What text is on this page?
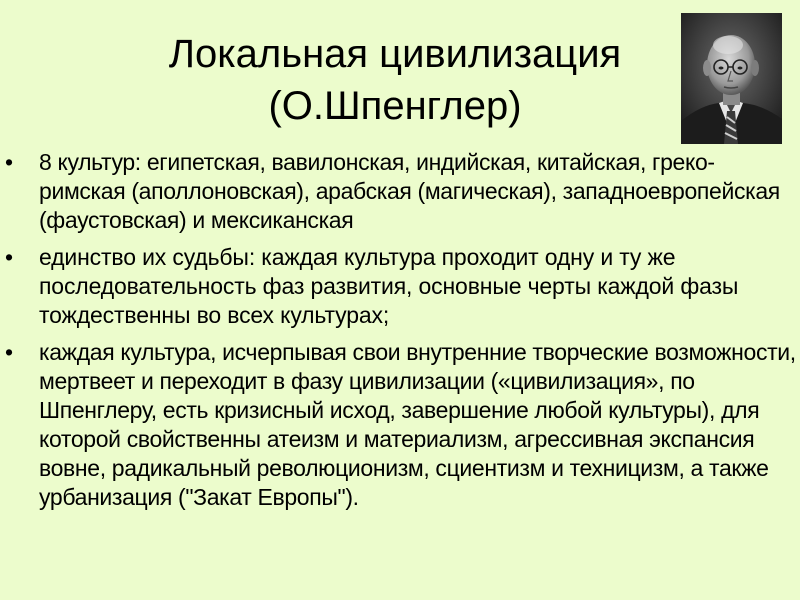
Локальная цивилизация
(О.Шпенглер)
• 8 культур: египетская, вавилонская, индийская, китайская, греко-римская (аполлоновская), арабская (магическая), западноевропейская (фаустовская) и мексиканская
• единство их судьбы: каждая культура проходит одну и ту же последовательность фаз развития, основные черты каждой фазы тождественны во всех культурах;
• каждая культура, исчерпывая свои внутренние творческие возможности, мертвеет и переходит в фазу цивилизации («цивилизация», по Шпенглеру, есть кризисный исход, завершение любой культуры), для которой свойственны атеизм и материализм, агрессивная экспансия вовне, радикальный революционизм, сциентизм и техницизм, а также урбанизация ("Закат Европы").
